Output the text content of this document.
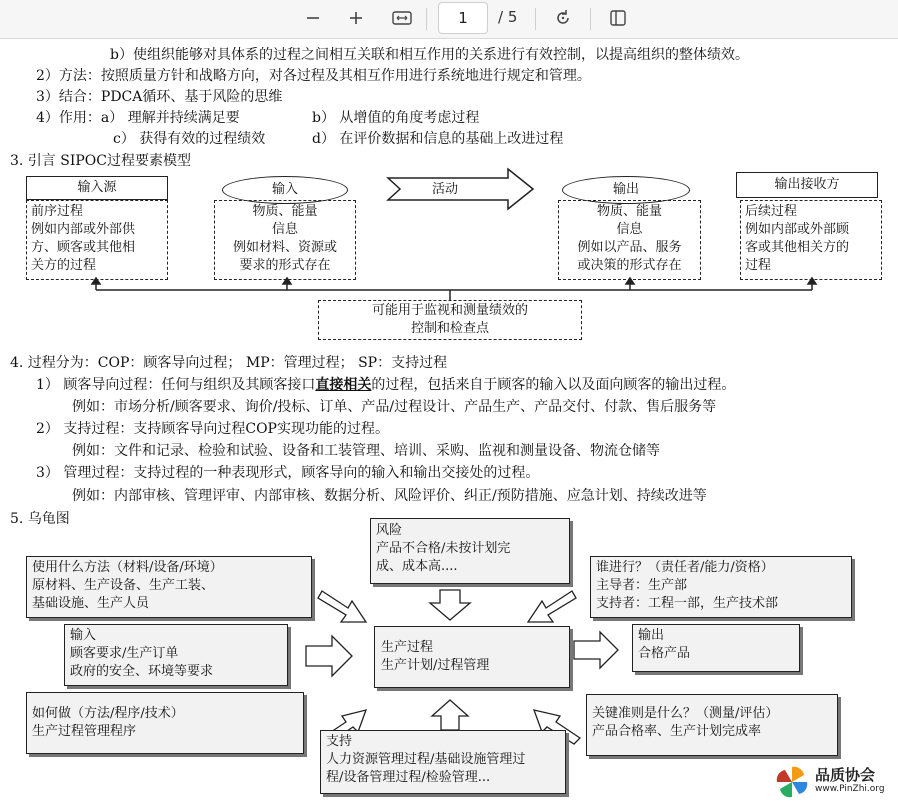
1	/ 5
b）使组织能够对具体系的过程之间相互关联和相互作用的关系进行有效控制，以提高组织的整体绩效。
2）方法：按照质量方针和战略方向，对各过程及其相互作用进行系统地进行规定和管理。
3）结合：PDCA循环、基于风险的思维
4）作用：a） 理解并持续满足要	b） 从增值的角度考虑过程
c） 获得有效的过程绩效	d） 在评价数据和信息的基础上改进过程
3. 引言 SIPOC过程要素模型
输入源
前序过程
例如内部或外部供
方、顾客或其他相
关方的过程
输入
物质、能量
信息
例如材料、资源或
要求的形式存在
活动	输出
物质、能量
信息
例如以产品、服务
或决策的形式存在
输出接收方
后续过程
例如内部或外部顾
客或其他相关方的
过程
可能用于监视和测量绩效的
控制和检查点
4. 过程分为：COP：顾客导向过程； MP：管理过程； SP：支持过程
1） 顾客导向过程：任何与组织及其顾客接口直接相关的过程，包括来自于顾客的输入以及面向顾客的输出过程。
例如：市场分析/顾客要求、询价/投标、订单、产品/过程设计、产品生产、产品交付、付款、售后服务等
2） 支持过程：支持顾客导向过程COP实现功能的过程。
例如：文件和记录、检验和试验、设备和工装管理、培训、采购、监视和测量设备、物流仓储等
3） 管理过程：支持过程的一种表现形式，顾客导向的输入和输出交接处的过程。
例如：内部审核、管理评审、内部审核、数据分析、风险评价、纠正/预防措施、应急计划、持续改进等
5. 乌龟图
风险
产品不合格/未按计划完
成、成本高....
使用什么方法（材料/设备/环境）
原材料、生产设备、生产工装、
基础设施、生产人员
谁进行？（责任者/能力/资格）
主导者：生产部
支持者：工程一部，生产技术部
输入
顾客要求/生产订单
政府的安全、环境等要求
生产过程
生产计划/过程管理
输出
合格产品
如何做（方法/程序/技术）
生产过程管理程序
关键准则是什么？（测量/评估）
产品合格率、生产计划完成率
支持
人力资源管理过程/基础设施管理过
程/设备管理过程/检验管理...	品质协会
www.PinZhi.org
